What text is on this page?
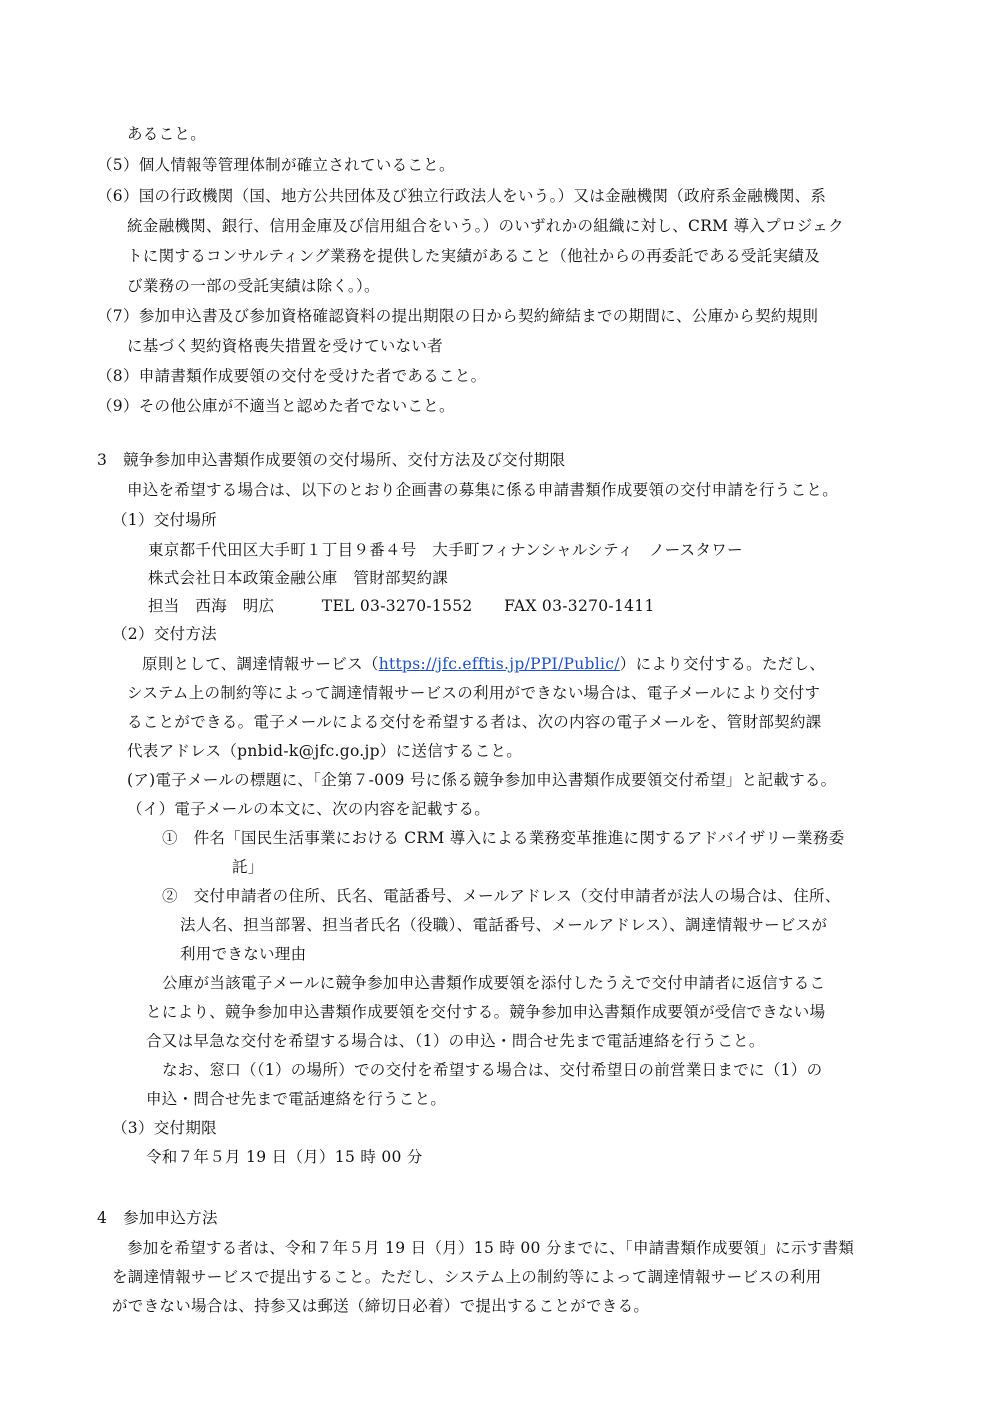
あること。
（5）個人情報等管理体制が確立されていること。
（6）国の行政機関（国、地方公共団体及び独立行政法人をいう。）又は金融機関（政府系金融機関、系
統金融機関、銀行、信用金庫及び信用組合をいう。）のいずれかの組織に対し、CRM 導入プロジェク
トに関するコンサルティング業務を提供した実績があること（他社からの再委託である受託実績及
び業務の一部の受託実績は除く。）。
（7）参加申込書及び参加資格確認資料の提出期限の日から契約締結までの期間に、公庫から契約規則
に基づく契約資格喪失措置を受けていない者
（8）申請書類作成要領の交付を受けた者であること。
（9）その他公庫が不適当と認めた者でないこと。
3　競争参加申込書類作成要領の交付場所、交付方法及び交付期限
申込を希望する場合は、以下のとおり企画書の募集に係る申請書類作成要領の交付申請を行うこと。
（1）交付場所
東京都千代田区大手町１丁目９番４号　大手町フィナンシャルシティ　ノースタワー
株式会社日本政策金融公庫　管財部契約課
担当　西海　明広　　　TEL 03-3270-1552　　FAX 03-3270-1411
（2）交付方法
原則として、調達情報サービス（https://jfc.efftis.jp/PPI/Public/）により交付する。ただし、
システム上の制約等によって調達情報サービスの利用ができない場合は、電子メールにより交付す
ることができる。電子メールによる交付を希望する者は、次の内容の電子メールを、管財部契約課
代表アドレス（pnbid-k@jfc.go.jp）に送信すること。
(ア)電子メールの標題に、「企第７-009 号に係る競争参加申込書類作成要領交付希望」と記載する。
（イ）電子メールの本文に、次の内容を記載する。
①　件名「国民生活事業における CRM 導入による業務変革推進に関するアドバイザリー業務委
託」
②　交付申請者の住所、氏名、電話番号、メールアドレス（交付申請者が法人の場合は、住所、
法人名、担当部署、担当者氏名（役職）、電話番号、メールアドレス）、調達情報サービスが
利用できない理由
公庫が当該電子メールに競争参加申込書類作成要領を添付したうえで交付申請者に返信するこ
とにより、競争参加申込書類作成要領を交付する。競争参加申込書類作成要領が受信できない場
合又は早急な交付を希望する場合は、（1）の申込・問合せ先まで電話連絡を行うこと。
なお、窓口（（1）の場所）での交付を希望する場合は、交付希望日の前営業日までに（1）の
申込・問合せ先まで電話連絡を行うこと。
（3）交付期限
令和７年５月 19 日（月）15 時 00 分
4　参加申込方法
参加を希望する者は、令和７年５月 19 日（月）15 時 00 分までに、「申請書類作成要領」に示す書類
を調達情報サービスで提出すること。ただし、システム上の制約等によって調達情報サービスの利用
ができない場合は、持参又は郵送（締切日必着）で提出することができる。
